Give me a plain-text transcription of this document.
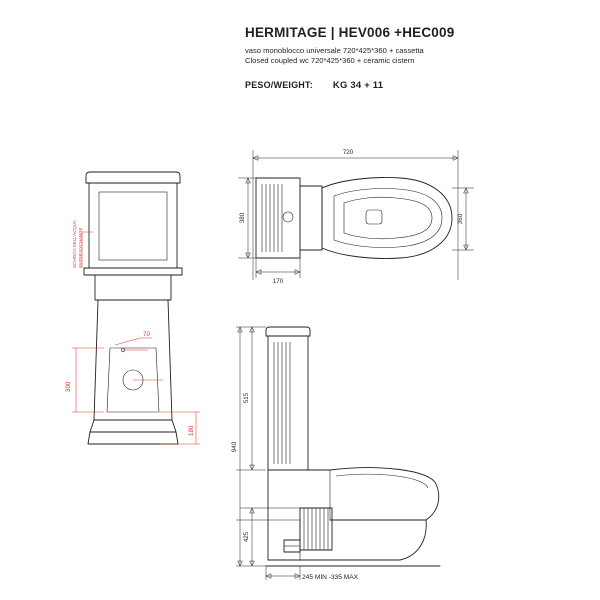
HERMITAGE | HEV006 +HEC009
vaso monoblocco universale 720*425*360 + cassetta
Closed coupled wc 720*425*360 + ceramic cistern
PESO/WEIGHT: KG 34 + 11
70
300
180
SCARICO DELL'ACQUA WATER EXCHANGE
720
380	360
170
515
940
425
245 MIN -335 MAX
